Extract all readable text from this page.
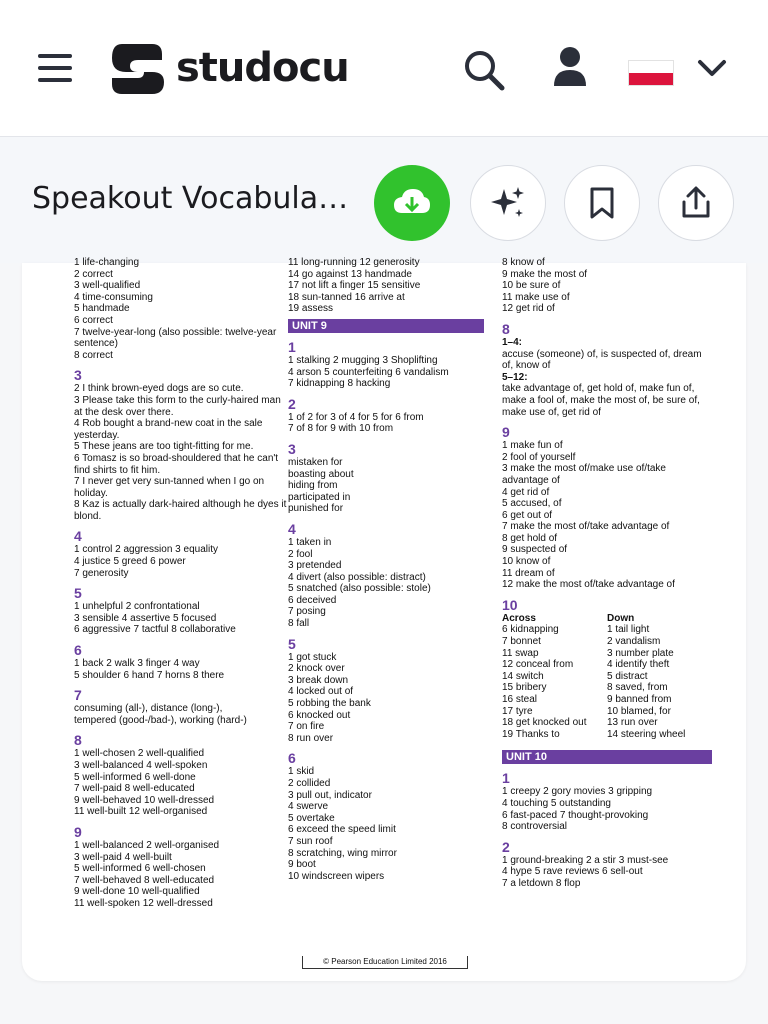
studocu
Speakout Vocabula…
1 life-changing
2 correct
3 well-qualified
4 time-consuming
5 handmade
6 correct
7 twelve-year-long (also possible: twelve-year sentence)
8 correct
3
2 I think brown-eyed dogs are so cute.
3 Please take this form to the curly-haired man at the desk over there.
4 Rob bought a brand-new coat in the sale yesterday.
5 These jeans are too tight-fitting for me.
6 Tomasz is so broad-shouldered that he can't find shirts to fit him.
7 I never get very sun-tanned when I go on holiday.
8 Kaz is actually dark-haired although he dyes it blond.
4
1 control 2 aggression 3 equality
4 justice 5 greed 6 power
7 generosity
5
1 unhelpful 2 confrontational
3 sensible 4 assertive 5 focused
6 aggressive 7 tactful 8 collaborative
6
1 back 2 walk 3 finger 4 way
5 shoulder 6 hand 7 horns 8 there
7
consuming (all-), distance (long-),
tempered (good-/bad-), working (hard-)
8
1 well-chosen 2 well-qualified
3 well-balanced 4 well-spoken
5 well-informed 6 well-done
7 well-paid 8 well-educated
9 well-behaved 10 well-dressed
11 well-built 12 well-organised
9
1 well-balanced 2 well-organised
3 well-paid 4 well-built
5 well-informed 6 well-chosen
7 well-behaved 8 well-educated
9 well-done 10 well-qualified
11 well-spoken 12 well-dressed
11 long-running 12 generosity
14 go against 13 handmade
17 not lift a finger 15 sensitive
18 sun-tanned 16 arrive at
19 assess
UNIT 9
1
1 stalking 2 mugging 3 Shoplifting
4 arson 5 counterfeiting 6 vandalism
7 kidnapping 8 hacking
2
1 of 2 for 3 of 4 for 5 for 6 from
7 of 8 for 9 with 10 from
3
mistaken for
boasting about
hiding from
participated in
punished for
4
1 taken in
2 fool
3 pretended
4 divert (also possible: distract)
5 snatched (also possible: stole)
6 deceived
7 posing
8 fall
5
1 got stuck
2 knock over
3 break down
4 locked out of
5 robbing the bank
6 knocked out
7 on fire
8 run over
6
1 skid
2 collided
3 pull out, indicator
4 swerve
5 overtake
6 exceed the speed limit
7 sun roof
8 scratching, wing mirror
9 boot
10 windscreen wipers
8 know of
9 make the most of
10 be sure of
11 make use of
12 get rid of
8
1–4:
accuse (someone) of, is suspected of, dream of, know of
5–12:
take advantage of, get hold of, make fun of, make a fool of, make the most of, be sure of, make use of, get rid of
9
1 make fun of
2 fool of yourself
3 make the most of/make use of/take advantage of
4 get rid of
5 accused, of
6 get out of
7 make the most of/take advantage of
8 get hold of
9 suspected of
10 know of
11 dream of
12 make the most of/take advantage of
10
Across
6 kidnapping
7 bonnet
11 swap
12 conceal from
14 switch
15 bribery
16 steal
17 tyre
18 get knocked out
19 Thanks to
Down
1 tail light
2 vandalism
3 number plate
4 identify theft
5 distract
8 saved, from
9 banned from
10 blamed, for
13 run over
14 steering wheel
UNIT 10
1
1 creepy 2 gory movies 3 gripping
4 touching 5 outstanding
6 fast-paced 7 thought-provoking
8 controversial
2
1 ground-breaking 2 a stir 3 must-see
4 hype 5 rave reviews 6 sell-out
7 a letdown 8 flop
© Pearson Education Limited 2016
